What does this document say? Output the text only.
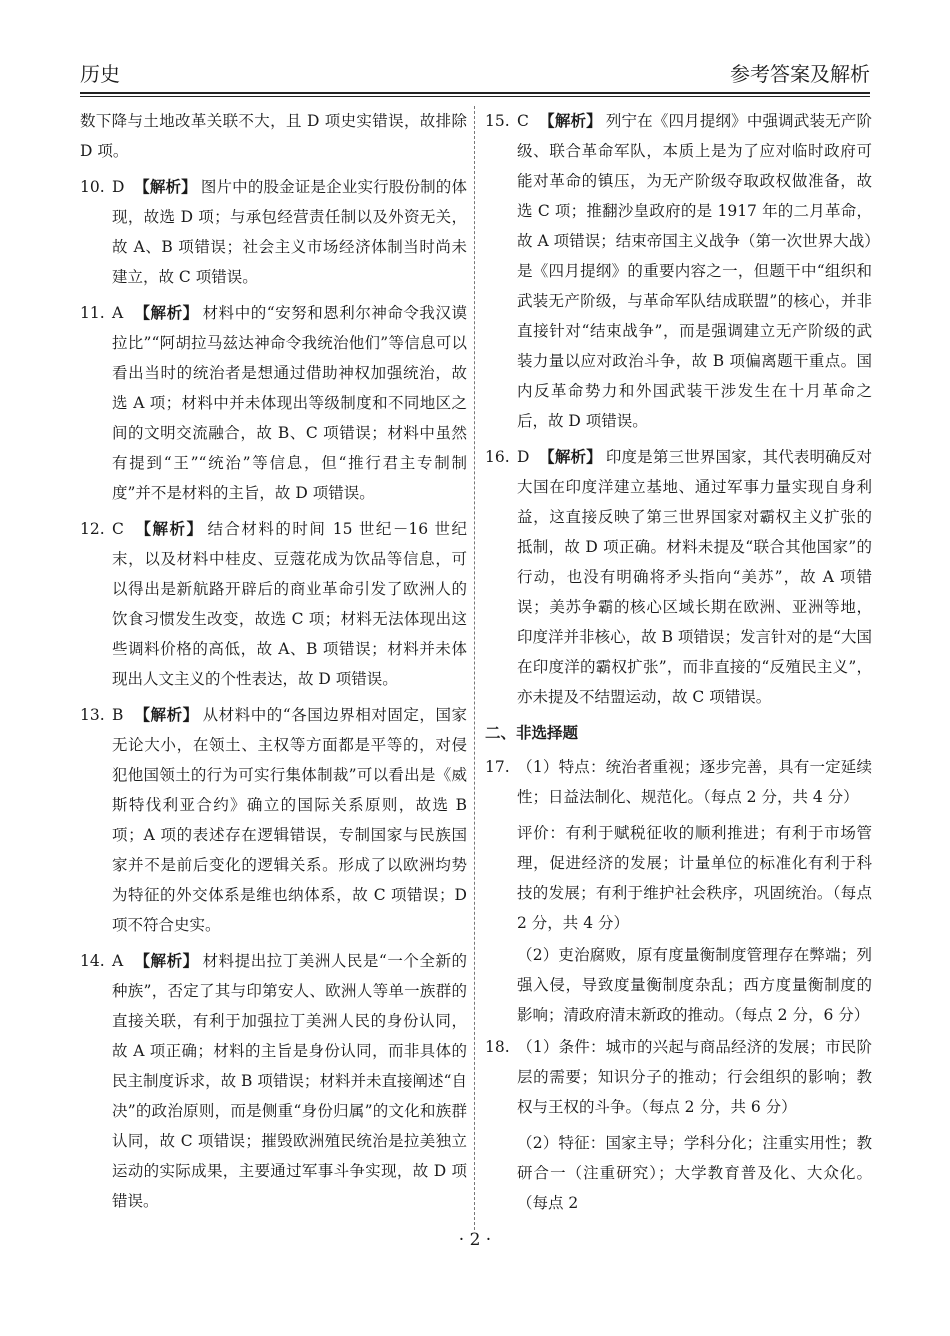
历史	参考答案及解析

数下降与土地改革关联不大，且 D 项史实错误，故排除 D 项。

10. D 【解析】 图片中的股金证是企业实行股份制的体现，故选 D 项；与承包经营责任制以及外资无关，故 A、B 项错误；社会主义市场经济体制当时尚未建立，故 C 项错误。

11. A 【解析】 材料中的“安努和恩利尔神命令我汉谟拉比”“阿胡拉马兹达神命令我统治他们”等信息可以看出当时的统治者是想通过借助神权加强统治，故选 A 项；材料中并未体现出等级制度和不同地区之间的文明交流融合，故 B、C 项错误；材料中虽然有提到“王”“统治”等信息，但“推行君主专制制度”并不是材料的主旨，故 D 项错误。

12. C 【解析】 结合材料的时间 15 世纪－16 世纪末，以及材料中桂皮、豆蔻花成为饮品等信息，可以得出是新航路开辟后的商业革命引发了欧洲人的饮食习惯发生改变，故选 C 项；材料无法体现出这些调料价格的高低，故 A、B 项错误；材料并未体现出人文主义的个性表达，故 D 项错误。

13. B 【解析】 从材料中的“各国边界相对固定，国家无论大小，在领土、主权等方面都是平等的，对侵犯他国领土的行为可实行集体制裁”可以看出是《威斯特伐利亚合约》确立的国际关系原则，故选 B 项；A 项的表述存在逻辑错误，专制国家与民族国家并不是前后变化的逻辑关系。形成了以欧洲均势为特征的外交体系是维也纳体系，故 C 项错误；D 项不符合史实。

14. A 【解析】 材料提出拉丁美洲人民是“一个全新的种族”，否定了其与印第安人、欧洲人等单一族群的直接关联，有利于加强拉丁美洲人民的身份认同，故 A 项正确；材料的主旨是身份认同，而非具体的民主制度诉求，故 B 项错误；材料并未直接阐述“自决”的政治原则，而是侧重“身份归属”的文化和族群认同，故 C 项错误；摧毁欧洲殖民统治是拉美独立运动的实际成果，主要通过军事斗争实现，故 D 项错误。

15. C 【解析】 列宁在《四月提纲》中强调武装无产阶级、联合革命军队，本质上是为了应对临时政府可能对革命的镇压，为无产阶级夺取政权做准备，故选 C 项；推翻沙皇政府的是 1917 年的二月革命，故 A 项错误；结束帝国主义战争（第一次世界大战）是《四月提纲》的重要内容之一，但题干中“组织和武装无产阶级，与革命军队结成联盟”的核心，并非直接针对“结束战争”，而是强调建立无产阶级的武装力量以应对政治斗争，故 B 项偏离题干重点。国内反革命势力和外国武装干涉发生在十月革命之后，故 D 项错误。

16. D 【解析】 印度是第三世界国家，其代表明确反对大国在印度洋建立基地、通过军事力量实现自身利益，这直接反映了第三世界国家对霸权主义扩张的抵制，故 D 项正确。材料未提及“联合其他国家”的行动，也没有明确将矛头指向“美苏”，故 A 项错误；美苏争霸的核心区域长期在欧洲、亚洲等地，印度洋并非核心，故 B 项错误；发言针对的是“大国在印度洋的霸权扩张”，而非直接的“反殖民主义”，亦未提及不结盟运动，故 C 项错误。

二、非选择题

17. （1）特点：统治者重视；逐步完善，具有一定延续性；日益法制化、规范化。（每点 2 分，共 4 分）

评价：有利于赋税征收的顺利推进；有利于市场管理，促进经济的发展；计量单位的标准化有利于科技的发展；有利于维护社会秩序，巩固统治。（每点 2 分，共 4 分）

（2）吏治腐败，原有度量衡制度管理存在弊端；列强入侵，导致度量衡制度杂乱；西方度量衡制度的影响；清政府清末新政的推动。（每点 2 分，6 分）

18. （1）条件：城市的兴起与商品经济的发展；市民阶层的需要；知识分子的推动；行会组织的影响；教权与王权的斗争。（每点 2 分，共 6 分）

（2）特征：国家主导；学科分化；注重实用性；教研合一（注重研究）；大学教育普及化、大众化。（每点 2

· 2 ·
